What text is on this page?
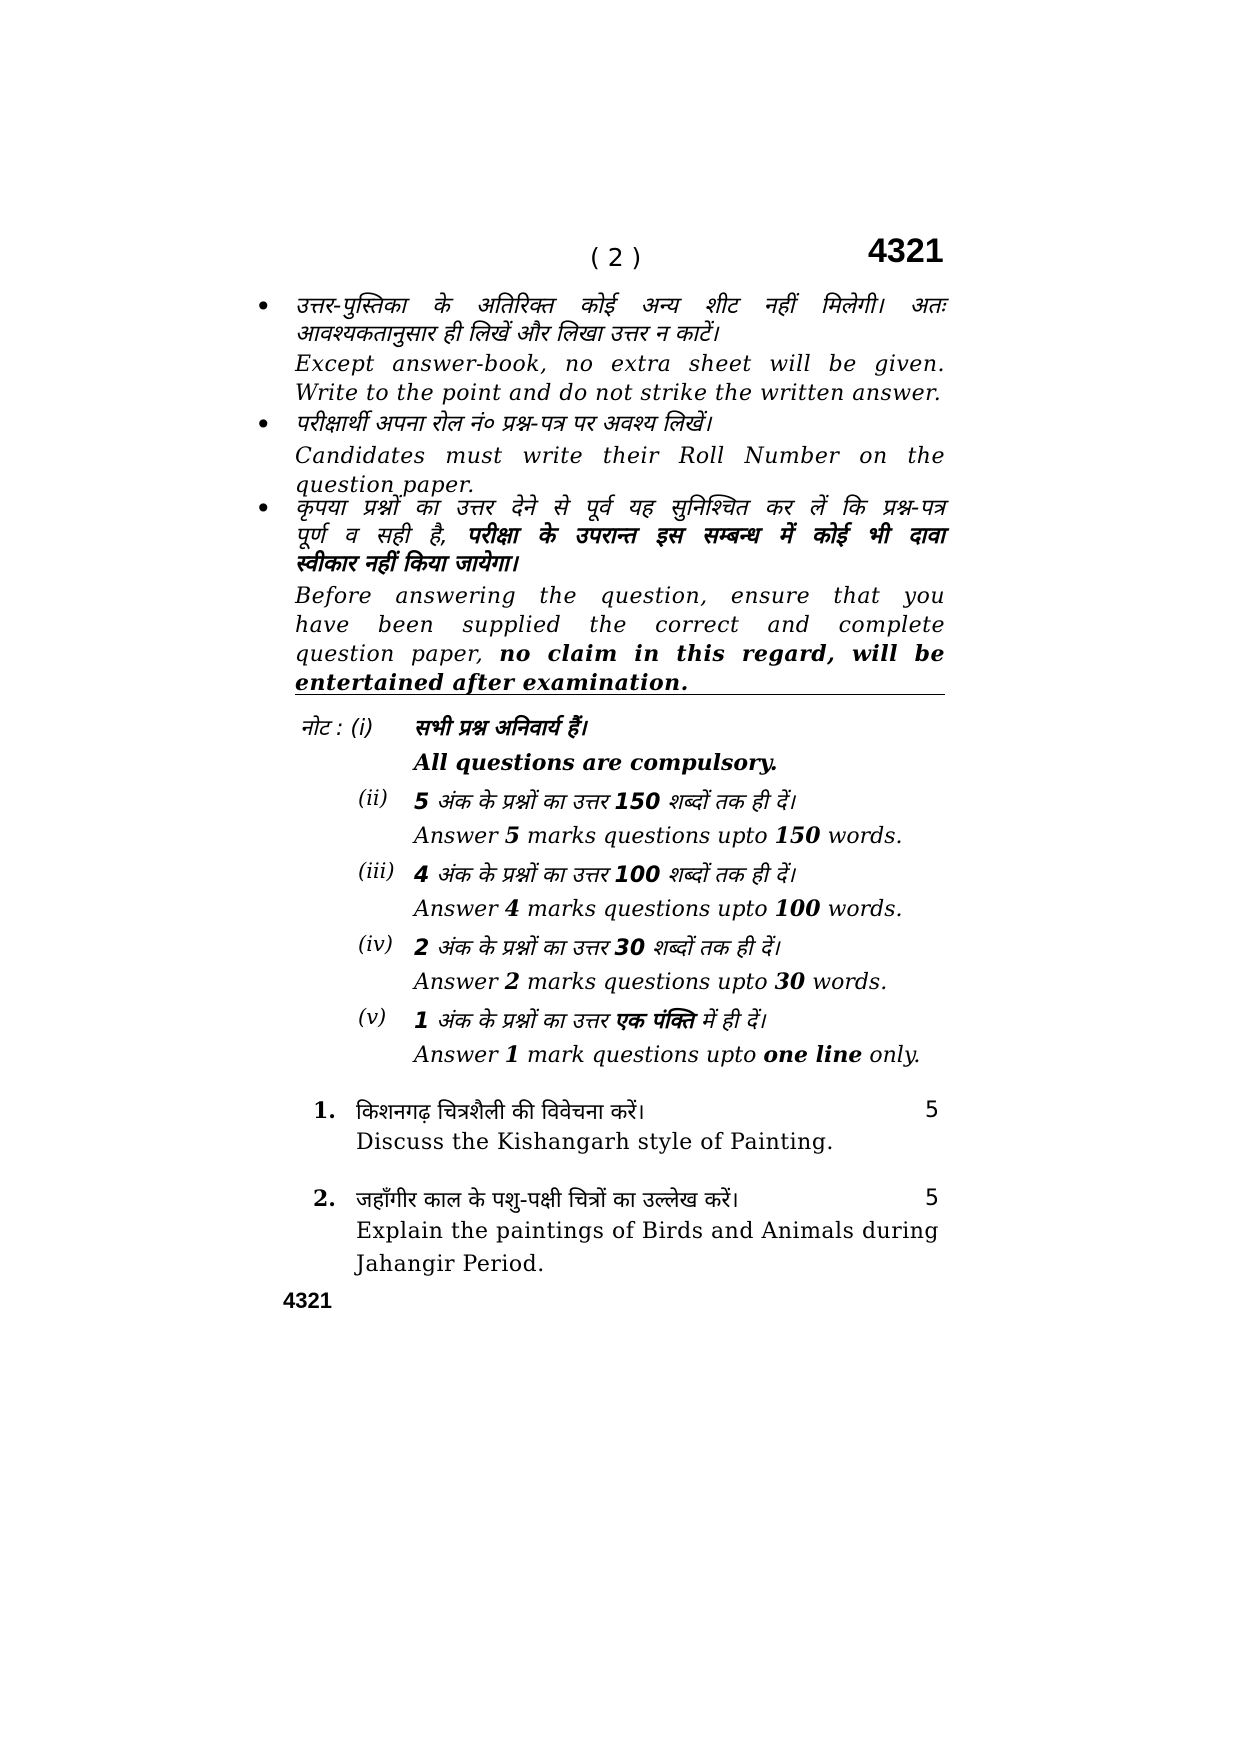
( 2 )	4321
• उत्तर-पुस्तिका के अतिरिक्त कोई अन्य शीट नहीं मिलेगी। अतः
आवश्यकतानुसार ही लिखें और लिखा उत्तर न काटें।
Except answer-book, no extra sheet will be given.
Write to the point and do not strike the written answer.
• परीक्षार्थी अपना रोल नं० प्रश्न-पत्र पर अवश्य लिखें।
Candidates must write their Roll Number on the
question paper.
• कृपया प्रश्नों का उत्तर देने से पूर्व यह सुनिश्चित कर लें कि प्रश्न-पत्र
पूर्ण व सही है, परीक्षा के उपरान्त इस सम्बन्ध में कोई भी दावा
स्वीकार नहीं किया जायेगा।
Before answering the question, ensure that you
have been supplied the correct and complete
question paper, no claim in this regard, will be
entertained after examination.
नोट : (i) सभी प्रश्न अनिवार्य हैं।
All questions are compulsory.
(ii) 5 अंक के प्रश्नों का उत्तर 150 शब्दों तक ही दें।
Answer 5 marks questions upto 150 words.
(iii) 4 अंक के प्रश्नों का उत्तर 100 शब्दों तक ही दें।
Answer 4 marks questions upto 100 words.
(iv) 2 अंक के प्रश्नों का उत्तर 30 शब्दों तक ही दें।
Answer 2 marks questions upto 30 words.
(v) 1 अंक के प्रश्नों का उत्तर एक पंक्ति में ही दें।
Answer 1 mark questions upto one line only.
1. किशनगढ़ चित्रशैली की विवेचना करें।	5
Discuss the Kishangarh style of Painting.
2. जहाँगीर काल के पशु-पक्षी चित्रों का उल्लेख करें।	5
Explain the paintings of Birds and Animals during Jahangir Period.
4321
